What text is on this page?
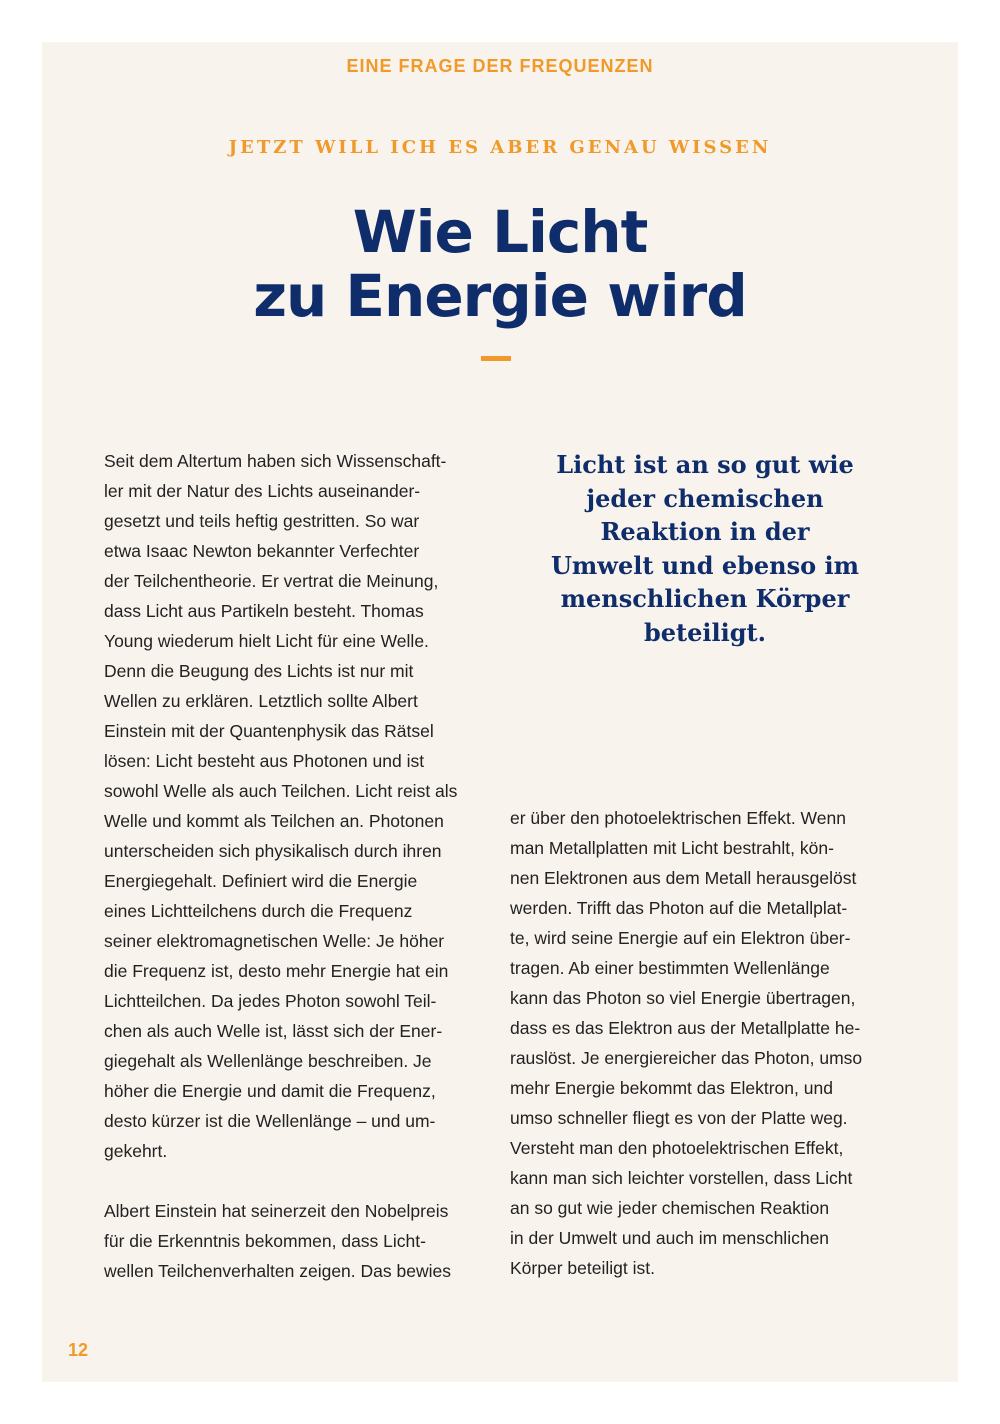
EINE FRAGE DER FREQUENZEN
JETZT WILL ICH ES ABER GENAU WISSEN
Wie Licht
zu Energie wird
Seit dem Altertum haben sich Wissenschaft-
ler mit der Natur des Lichts auseinander-
gesetzt und teils heftig gestritten. So war
etwa Isaac Newton bekannter Verfechter
der Teilchentheorie. Er vertrat die Meinung,
dass Licht aus Partikeln besteht. Thomas
Young wiederum hielt Licht für eine Welle.
Denn die Beugung des Lichts ist nur mit
Wellen zu erklären. Letztlich sollte Albert
Einstein mit der Quantenphysik das Rätsel
lösen: Licht besteht aus Photonen und ist
sowohl Welle als auch Teilchen. Licht reist als
Welle und kommt als Teilchen an. Photonen
unterscheiden sich physikalisch durch ihren
Energiegehalt. Definiert wird die Energie
eines Lichtteilchens durch die Frequenz
seiner elektromagnetischen Welle: Je höher
die Frequenz ist, desto mehr Energie hat ein
Lichtteilchen. Da jedes Photon sowohl Teil-
chen als auch Welle ist, lässt sich der Ener-
giegehalt als Wellenlänge beschreiben. Je
höher die Energie und damit die Frequenz,
desto kürzer ist die Wellenlänge – und um-
gekehrt.
Albert Einstein hat seinerzeit den Nobelpreis
für die Erkenntnis bekommen, dass Licht-
wellen Teilchenverhalten zeigen. Das bewies
Licht ist an so gut wie
jeder chemischen
Reaktion in der
Umwelt und ebenso im
menschlichen Körper
beteiligt.
er über den photoelektrischen Effekt. Wenn
man Metallplatten mit Licht bestrahlt, kön-
nen Elektronen aus dem Metall herausgelöst
werden. Trifft das Photon auf die Metallplat-
te, wird seine Energie auf ein Elektron über-
tragen. Ab einer bestimmten Wellenlänge
kann das Photon so viel Energie übertragen,
dass es das Elektron aus der Metallplatte he-
rauslöst. Je energiereicher das Photon, umso
mehr Energie bekommt das Elektron, und
umso schneller fliegt es von der Platte weg.
Versteht man den photoelektrischen Effekt,
kann man sich leichter vorstellen, dass Licht
an so gut wie jeder chemischen Reaktion
in der Umwelt und auch im menschlichen
Körper beteiligt ist.
12
